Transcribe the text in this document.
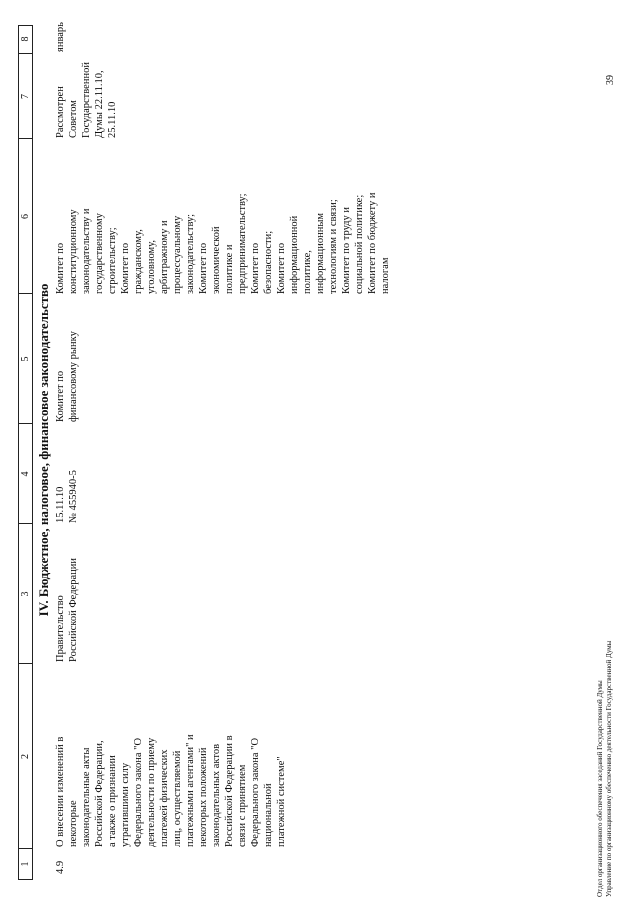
1
2
3
4
5
6
7
8
IV. Бюджетное, налоговое, финансовое законодательство
4.9
О внесении изменений в некоторые законодательные акты Российской Федерации, а также о признании утратившими силу Федерального закона "О деятельности по приему платежей физических лиц, осуществляемой платежными агентами" и некоторых положений законодательных актов Российской Федерации в связи с принятием Федерального закона "О национальной платежной системе"
Правительство Российской Федерации
15.11.10 № 455940-5
Комитет по финансовому рынку
Комитет по конституционному законодательству и государственному строительству; Комитет по гражданскому, уголовному, арбитражному и процессуальному законодательству; Комитет по экономической политике и предпринимательству; Комитет по безопасности; Комитет по информационной политике, информационным технологиям и связи; Комитет по труду и социальной политике; Комитет по бюджету и налогам
Рассмотрен Советом Государственной Думы 22.11.10, 25.11.10
январь
Отдел организационного обеспечения заседаний Государственной Думы Управление по организационному обеспечению деятельности Государственной Думы
39
